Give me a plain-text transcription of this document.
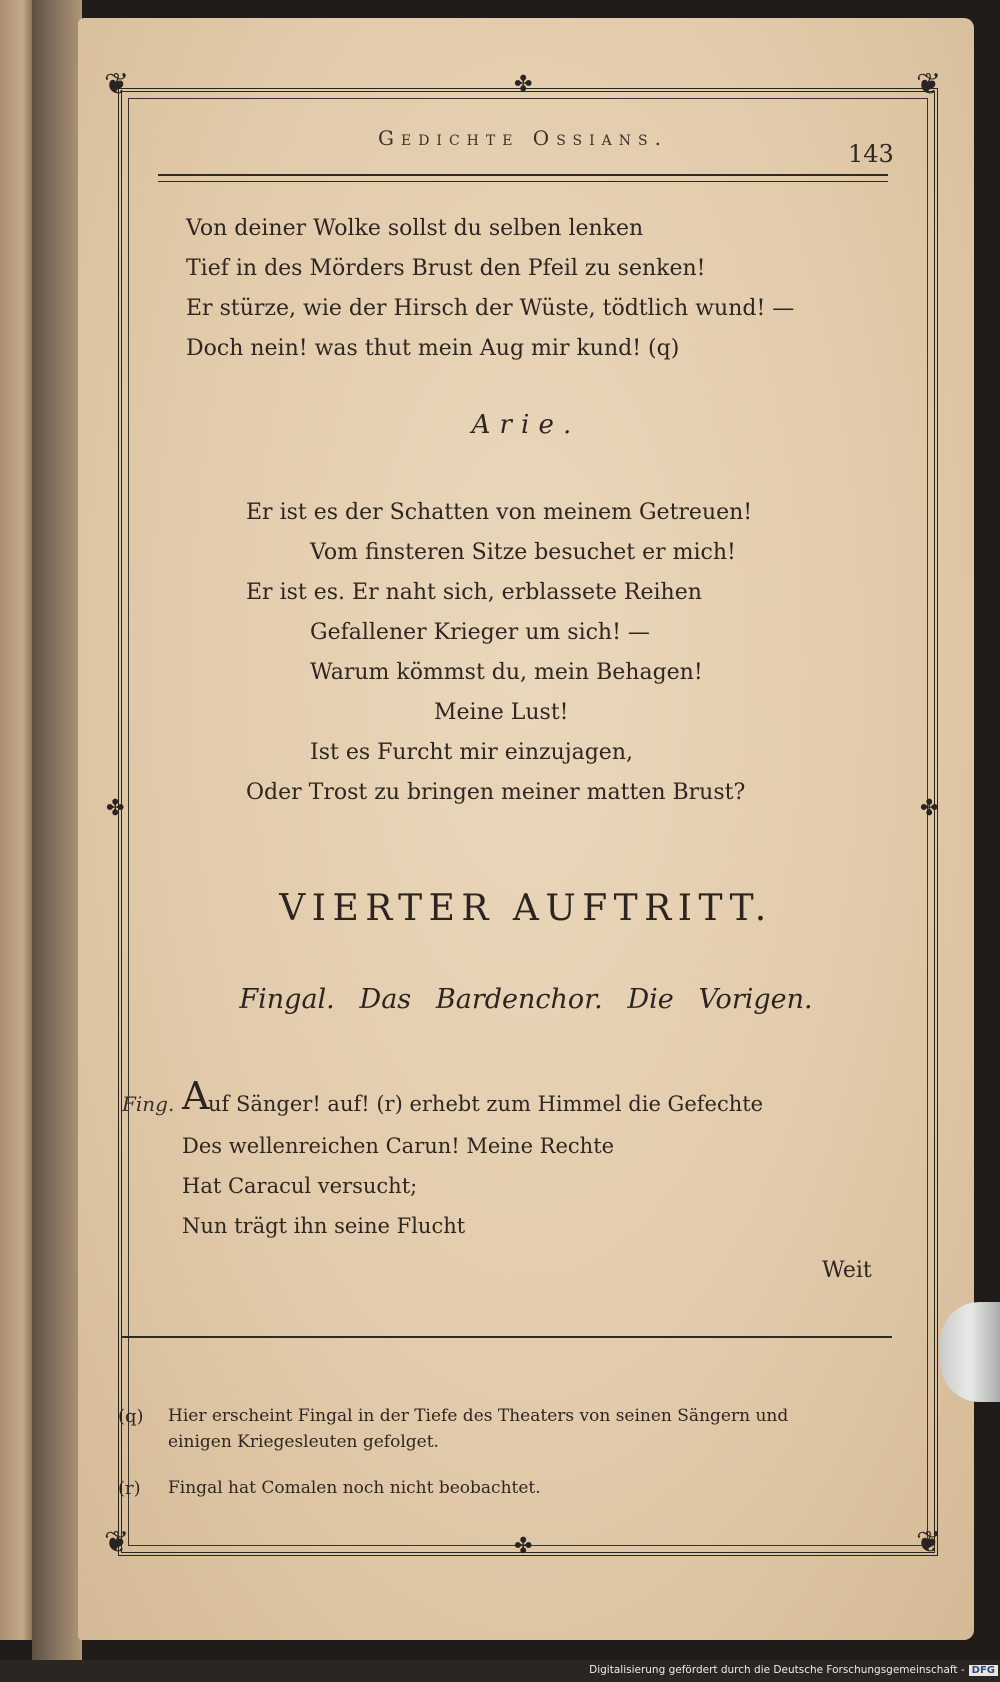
❦	❦
❦	❦
✤
✤
✤	✤
Gedichte Ossians.
143
Von deiner Wolke sollst du selben lenken
Tief in des Mörders Brust den Pfeil zu senken!
Er stürze, wie der Hirsch der Wüste, tödtlich wund! —
Doch nein! was thut mein Aug mir kund! (q)
Arie.
Er ist es der Schatten von meinem Getreuen!
Vom finsteren Sitze besuchet er mich!
Er ist es. Er naht sich, erblassete Reihen
Gefallener Krieger um sich! —
Warum kömmst du, mein Behagen!
Meine Lust!
Ist es Furcht mir einzujagen,
Oder Trost zu bringen meiner matten Brust?
VIERTER AUFTRITT.
Fingal. Das Bardenchor. Die Vorigen.
Fing. A
uf Sänger! auf! (r) erhebt zum Himmel die Gefechte
Des wellenreichen Carun! Meine Rechte
Hat Caracul versucht;
Nun trägt ihn seine Flucht
Weit
(q) Hier erscheint Fingal in der Tiefe des Theaters von seinen Sängern und
einigen Kriegesleuten gefolget.
(r) Fingal hat Comalen noch nicht beobachtet.
Digitalisierung gefördert durch die Deutsche Forschungsgemeinschaft - DFG
